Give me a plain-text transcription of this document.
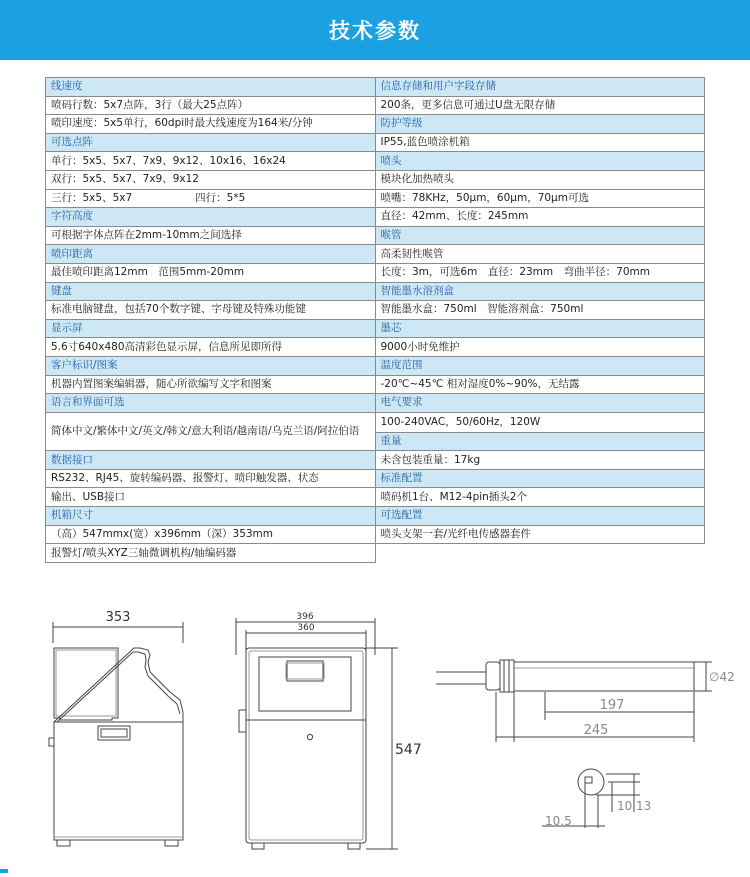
技术参数
线速度	信息存储和用户字段存储
喷码行数：5x7点阵，3行（最大25点阵）	200条，更多信息可通过U盘无限存储
喷印速度：5x5单行，60dpi时最大线速度为164米/分钟	防护等级
可选点阵	IP55,蓝色喷涂机箱
单行：5x5、5x7、7x9、9x12、10x16、16x24	喷头
双行：5x5、5x7、7x9、9x12	模块化加热喷头
三行：5x5、5x7　　　　　　四行：5*5	喷嘴：78KHz，50μm，60μm，70μm可选
字符高度	直径：42mm、长度：245mm
可根据字体点阵在2mm-10mm之间选择	喉管
喷印距离	高柔韧性喉管
最佳喷印距离12mm　范围5mm-20mm	长度：3m，可选6m　直径：23mm　弯曲半径：70mm
键盘	智能墨水溶剂盒
标准电脑键盘，包括70个数字键、字母键及特殊功能键	智能墨水盒：750ml　智能溶剂盒：750ml
显示屏	墨芯
5.6寸640x480高清彩色显示屏，信息所见即所得	9000小时免维护
客户标识/图案	温度范围
机器内置图案编辑器，随心所欲编写文字和图案	-20℃~45℃ 相对湿度0%~90%，无结露
语言和界面可选	电气要求
简体中文/繁体中文/英文/韩文/意大利语/越南语/乌克兰语/阿拉伯语	100-240VAC，50/60Hz，120W

	重量
数据接口	未含包装重量：17kg
RS232、RJ45、旋转编码器、报警灯、喷印触发器、状态	标准配置
输出、USB接口	喷码机1台、M12-4pin插头2个
机箱尺寸	可选配置
（高）547mmx(宽）x396mm（深）353mm	喷头支架一套/光纤电传感器套件
报警灯/喷头XYZ三轴微调机构/轴编码器	
353	396
360
547
∅42
197
245
10 13
10.5
